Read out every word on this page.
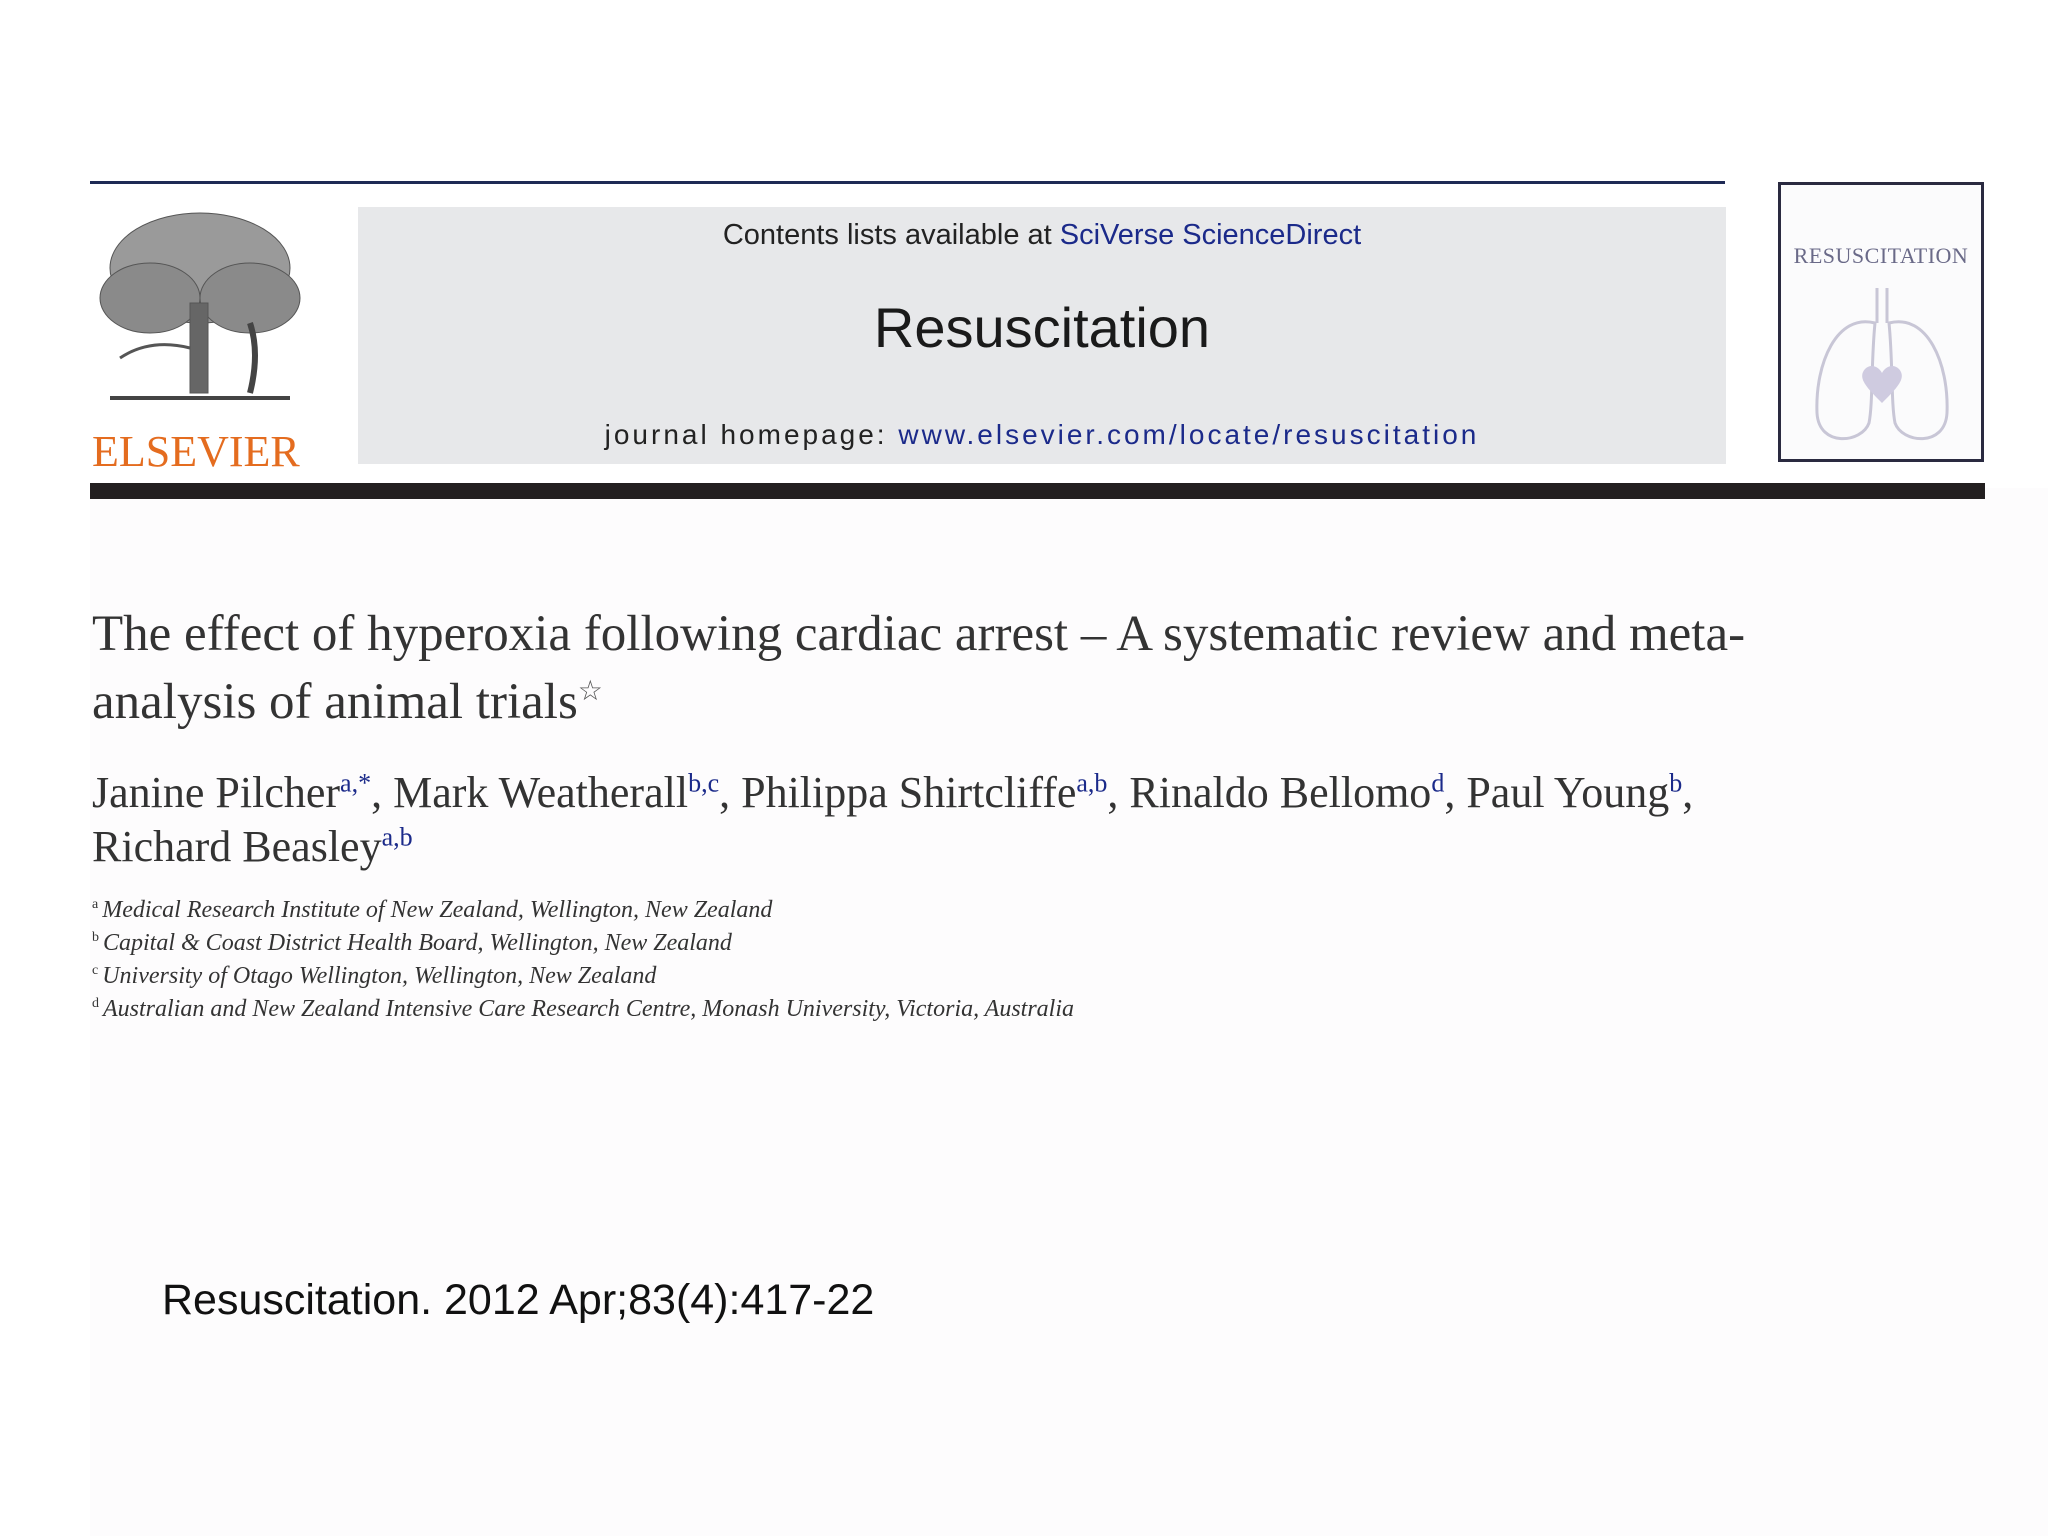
ELSEVIER
Contents lists available at SciVerse ScienceDirect
Resuscitation
journal homepage: www.elsevier.com/locate/resuscitation
RESUSCITATION
The effect of hyperoxia following cardiac arrest – A systematic review and meta-analysis of animal trials☆
Janine Pilcher$^{a,*}$, Mark Weatherall$^{b,c}$, Philippa Shirtcliffe$^{a,b}$, Rinaldo Bellomo$^d$, Paul Young$^b$,
Richard Beasley$^{a,b}$
$^a$ Medical Research Institute of New Zealand, Wellington, New Zealand
$^b$ Capital & Coast District Health Board, Wellington, New Zealand
$^c$ University of Otago Wellington, Wellington, New Zealand
$^d$ Australian and New Zealand Intensive Care Research Centre, Monash University, Victoria, Australia
Resuscitation. 2012 Apr;83(4):417-22
